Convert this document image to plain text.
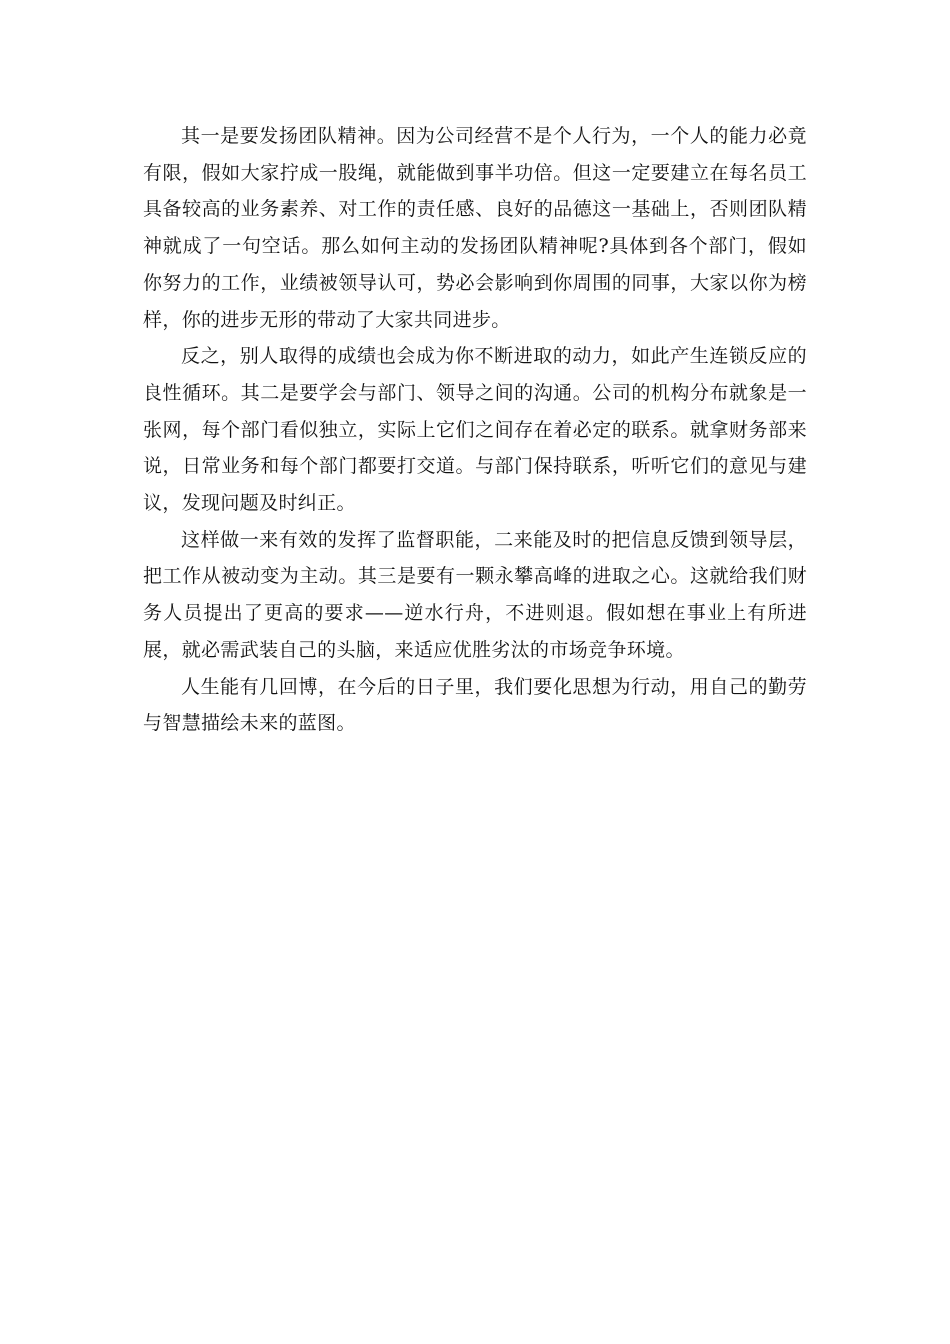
其一是要发扬团队精神。因为公司经营不是个人行为，一个人的能力必竟有限，假如大家拧成一股绳，就能做到事半功倍。但这一定要建立在每名员工具备较高的业务素养、对工作的责任感、良好的品德这一基础上，否则团队精神就成了一句空话。那么如何主动的发扬团队精神呢?具体到各个部门，假如你努力的工作，业绩被领导认可，势必会影响到你周围的同事，大家以你为榜样，你的进步无形的带动了大家共同进步。

反之，别人取得的成绩也会成为你不断进取的动力，如此产生连锁反应的良性循环。其二是要学会与部门、领导之间的沟通。公司的机构分布就象是一张网，每个部门看似独立，实际上它们之间存在着必定的联系。就拿财务部来说，日常业务和每个部门都要打交道。与部门保持联系，听听它们的意见与建议，发现问题及时纠正。

这样做一来有效的发挥了监督职能，二来能及时的把信息反馈到领导层，把工作从被动变为主动。其三是要有一颗永攀高峰的进取之心。这就给我们财务人员提出了更高的要求——逆水行舟，不进则退。假如想在事业上有所进展，就必需武装自己的头脑，来适应优胜劣汰的市场竞争环境。

人生能有几回博，在今后的日子里，我们要化思想为行动，用自己的勤劳与智慧描绘未来的蓝图。
